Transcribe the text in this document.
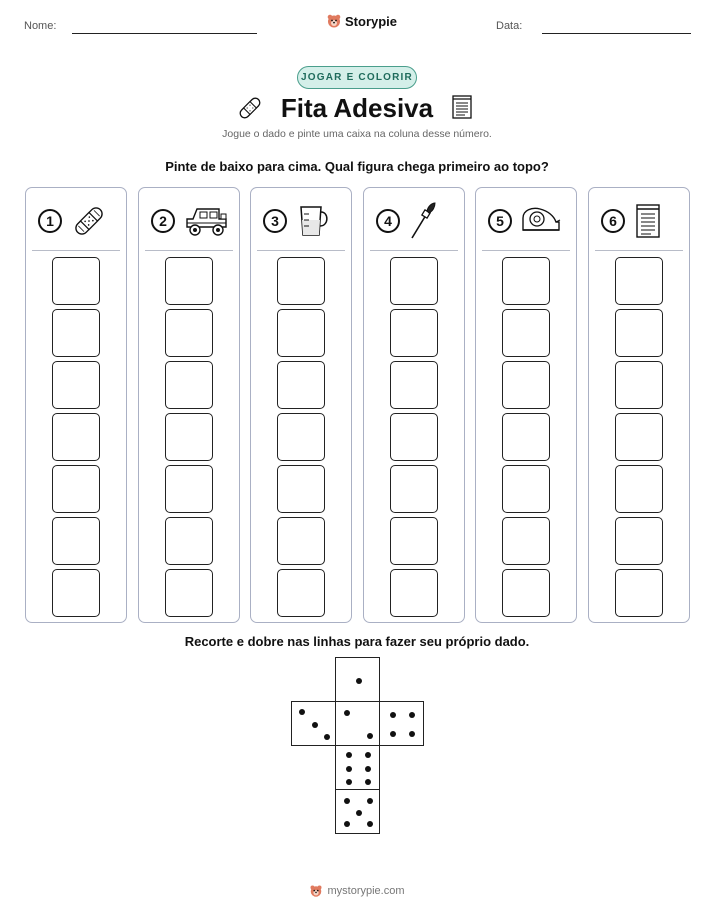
Nome:	Storypie	Data:
JOGAR E COLORIR
Fita Adesiva
Jogue o dado e pinte uma caixa na coluna desse número.
Pinte de baixo para cima. Qual figura chega primeiro ao topo?
1	2	3	4	5	6
Recorte e dobre nas linhas para fazer seu próprio dado.
mystorypie.com
